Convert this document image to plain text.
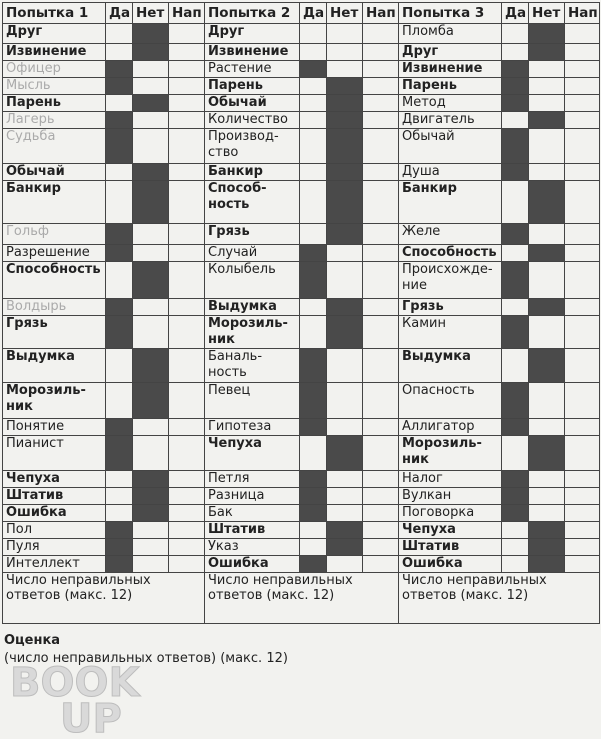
Попытка 1	Да	Нет	Нап	Попытка 2	Да	Нет	Нап	Попытка 3	Да	Нет	Нап
Друг				Друг				Пломба			
Извинение				Извинение				Друг			
Офицер				Растение				Извинение			
Мысль				Парень				Парень			
Парень				Обычай				Метод			
Лагерь				Количество				Двигатель			
Судьба				Производ-ство				Обычай			
Обычай				Банкир				Душа			
Банкир				Способ-ность				Банкир			
Гольф				Грязь				Желе			
Разрешение				Случай				Способность			
Способность				Колыбель				Происхожде-ние			
Волдырь				Выдумка				Грязь			
Грязь				Морозиль-ник				Камин			
Выдумка				Баналь-ность				Выдумка			
Морозиль-ник				Певец				Опасность			
Понятие				Гипотеза				Аллигатор			
Пианист				Чепуха				Морозиль-ник			
Чепуха				Петля				Налог			
Штатив				Разница				Вулкан			
Ошибка				Бак				Поговорка			
Пол				Штатив				Чепуха			
Пуля				Указ				Штатив			
Интеллект				Ошибка				Ошибка			
Число неправильных ответов (макс. 12)				Число неправильных ответов (макс. 12)				Число неправильных ответов (макс. 12)			
Оценка
(число неправильных ответов) (макс. 12)
BOOK
UP
